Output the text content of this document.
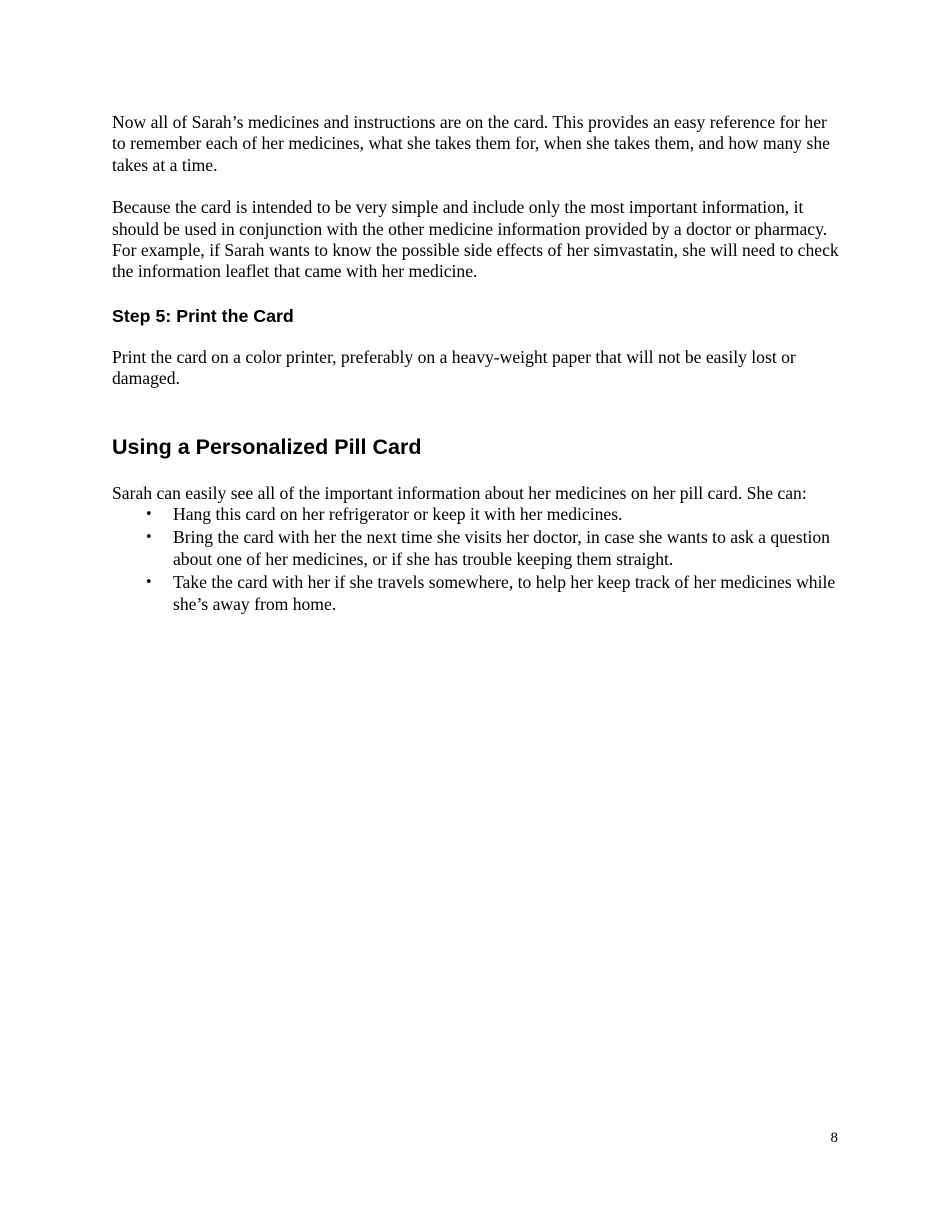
Now all of Sarah’s medicines and instructions are on the card. This provides an easy reference for her to remember each of her medicines, what she takes them for, when she takes them, and how many she takes at a time.

Because the card is intended to be very simple and include only the most important information, it should be used in conjunction with the other medicine information provided by a doctor or pharmacy. For example, if Sarah wants to know the possible side effects of her simvastatin, she will need to check the information leaflet that came with her medicine.

Step 5: Print the Card

Print the card on a color printer, preferably on a heavy-weight paper that will not be easily lost or damaged.

Using a Personalized Pill Card

Sarah can easily see all of the important information about her medicines on her pill card. She can:

• Hang this card on her refrigerator or keep it with her medicines.
• Bring the card with her the next time she visits her doctor, in case she wants to ask a question about one of her medicines, or if she has trouble keeping them straight.
• Take the card with her if she travels somewhere, to help her keep track of her medicines while she’s away from home.
8
